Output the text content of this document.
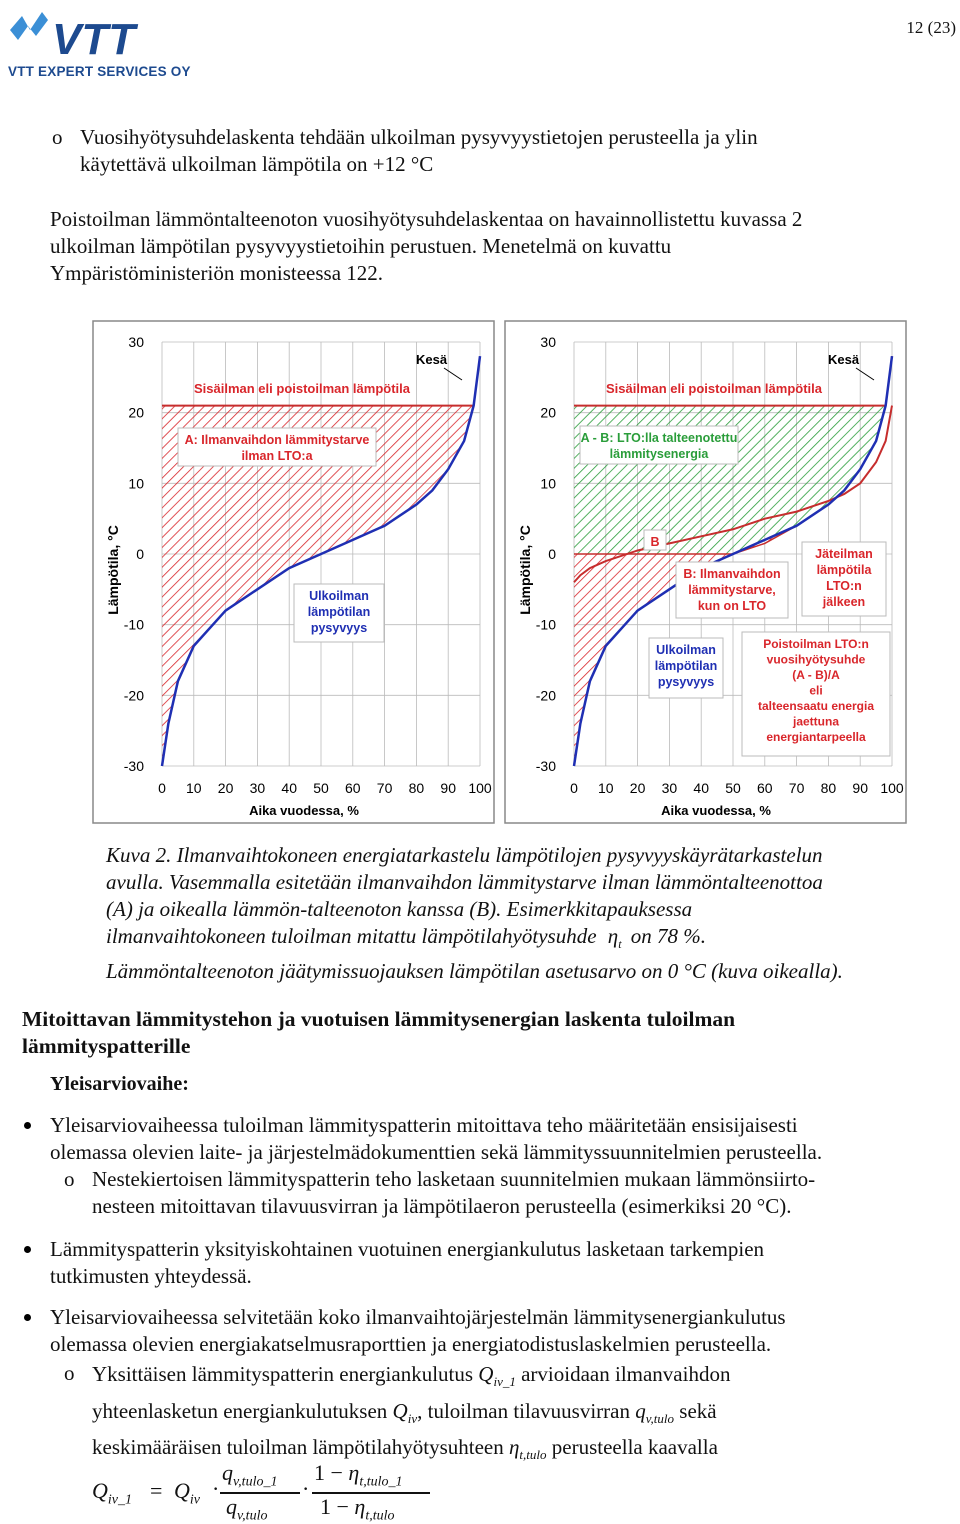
VTT
VTT EXPERT SERVICES OY
12 (23)
o Vuosihyötysuhdelaskenta tehdään ulkoilman pysyvyystietojen perusteella ja ylin
käytettävä ulkoilman lämpötila on +12 °C
Poistoilman lämmöntalteenoton vuosihyötysuhdelaskentaa on havainnollistettu kuvassa 2
ulkoilman lämpötilan pysyvyystietoihin perustuen. Menetelmä on kuvattu
Ympäristöministeriön monisteessa 122.
-30
-20
-10
0
10
20
30
0 10 20 30 40 50 60 70 80 90 100
Lämpötila, °C
Aika vuodessa, %
Kesä
Sisäilman eli poistoilman lämpötila
A: Ilmanvaihdon lämmitystarve
ilman LTO:a
Ulkoilman
lämpötilan
pysyvyys
-30
-20
-10
0
10
20
30
0 10 20 30 40 50 60 70 80 90 100
Lämpötila, °C
Aika vuodessa, %
Kesä
Sisäilman eli poistoilman lämpötila
A - B: LTO:lla talteenotettu
lämmitysenergia
B
B: Ilmanvaihdon
lämmitystarve,
kun on LTO
Jäteilman
lämpötila
LTO:n
jälkeen
Ulkoilman
lämpötilan
pysyvyys
Poistoilman LTO:n
vuosihyötysuhde
(A - B)/A
eli
talteensaatu energia
jaettuna
energiantarpeella
Kuva 2. Ilmanvaihtokoneen energiatarkastelu lämpötilojen pysyvyyskäyrätarkastelun
avulla. Vasemmalla esitetään ilmanvaihdon lämmitystarve ilman lämmöntalteenottoa
(A) ja oikealla lämmön-talteenoton kanssa (B). Esimerkkitapauksessa
ilmanvaihtokoneen tuloilman mitattu lämpötilahyötysuhde $\eta_t$ on 78 %.
Lämmöntalteenoton jäätymissuojauksen lämpötilan asetusarvo on 0 °C (kuva oikealla).
Mitoittavan lämmitystehon ja vuotuisen lämmitysenergian laskenta tuloilman
lämmityspatterille
Yleisarviovaihe:
Yleisarviovaiheessa tuloilman lämmityspatterin mitoittava teho määritetään ensisijaisesti
olemassa olevien laite- ja järjestelmädokumenttien sekä lämmityssuunnitelmien perusteella.
o Nestekiertoisen lämmityspatterin teho lasketaan suunnitelmien mukaan lämmönsiirto-
nesteen mitoittavan tilavuusvirran ja lämpötilaeron perusteella (esimerkiksi 20 °C).
Lämmityspatterin yksityiskohtainen vuotuinen energiankulutus lasketaan tarkempien
tutkimusten yhteydessä.
Yleisarviovaiheessa selvitetään koko ilmanvaihtojärjestelmän lämmitysenergiankulutus
olemassa olevien energiakatselmusraporttien ja energiatodistuslaskelmien perusteella.
o Yksittäisen lämmityspatterin energiankulutus $Q_{iv\_1}$ arvioidaan ilmanvaihdon
yhteenlasketun energiankulutuksen $Q_{iv}$, tuloilman tilavuusvirran $q_{v,tulo}$ sekä
keskimääräisen tuloilman lämpötilahyötysuhteen $\eta_{t,tulo}$ perusteella kaavalla
$Q_{iv\_1} = Q_{iv}$ ·
$q_{v,tulo\_1}$
$q_{v,tulo}$
·
$1 - \eta_{t,tulo\_1}$
$1 - \eta_{t,tulo}$
